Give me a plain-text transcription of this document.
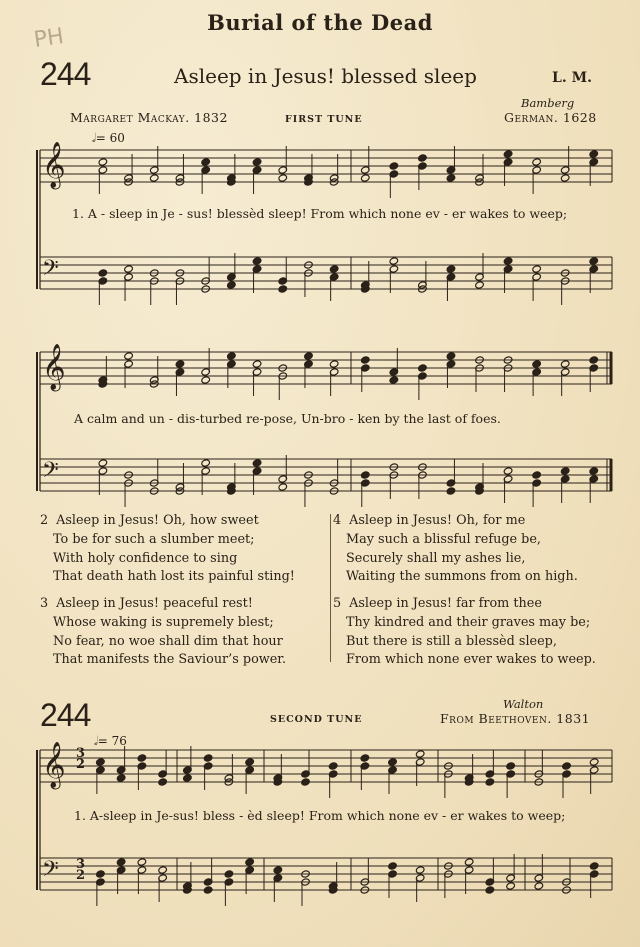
PH
Burial of the Dead
244	Asleep in Jesus! blessed sleep	L. M.
Bamberg
Margaret Mackay. 1832	FIRST TUNE	German. 1628
𝄞
𝄢
𝄞
𝄢
𝄞
𝄢
𝅗𝅥= 60
1. A - sleep in Je - sus! blessèd sleep! From which none ev - er wakes to weep;
A calm and un - dis-turbed re-pose, Un-bro - ken by the last of foes.
2 Asleep in Jesus! Oh, how sweet
To be for such a slumber meet;
With holy confidence to sing
That death hath lost its painful sting!
3 Asleep in Jesus! peaceful rest!
Whose waking is supremely blest;
No fear, no woe shall dim that hour
That manifests the Saviour’s power.
4 Asleep in Jesus! Oh, for me
May such a blissful refuge be,
Securely shall my ashes lie,
Waiting the summons from on high.
5 Asleep in Jesus! far from thee
Thy kindred and their graves may be;
But there is still a blessèd sleep,
From which none ever wakes to weep.
244	Walton
SECOND TUNE	From Beethoven. 1831
𝅗𝅥= 76
1. A-sleep in Je-sus! bless - èd sleep! From which none ev - er wakes to weep;
3
2
3
2
